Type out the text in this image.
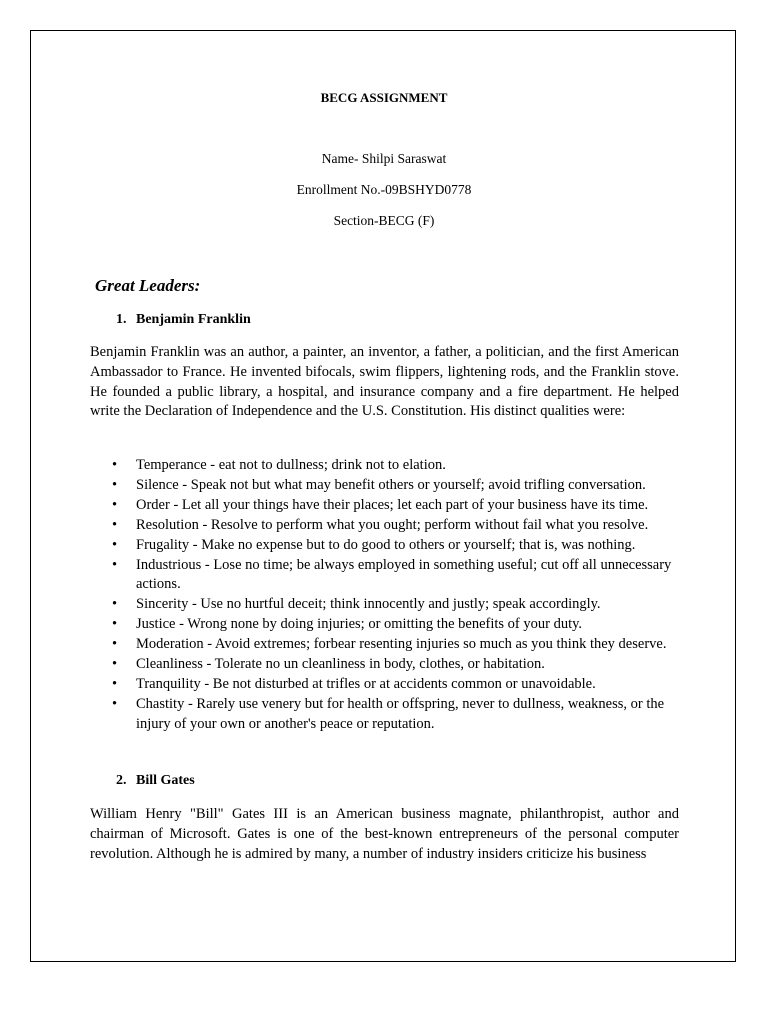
BECG ASSIGNMENT
Name- Shilpi Saraswat
Enrollment No.-09BSHYD0778
Section-BECG (F)
Great Leaders:
1. Benjamin Franklin

Benjamin Franklin was an author, a painter, an inventor, a father, a politician, and the first American Ambassador to France. He invented bifocals, swim flippers, lightening rods, and the Franklin stove. He founded a public library, a hospital, and insurance company and a fire department. He helped write the Declaration of Independence and the U.S. Constitution. His distinct qualities were:

• Temperance - eat not to dullness; drink not to elation.
• Silence - Speak not but what may benefit others or yourself; avoid trifling conversation.
• Order - Let all your things have their places; let each part of your business have its time.
• Resolution - Resolve to perform what you ought; perform without fail what you resolve.
• Frugality - Make no expense but to do good to others or yourself; that is, was nothing.
• Industrious - Lose no time; be always employed in something useful; cut off all unnecessary actions.
• Sincerity - Use no hurtful deceit; think innocently and justly; speak accordingly.
• Justice - Wrong none by doing injuries; or omitting the benefits of your duty.
• Moderation - Avoid extremes; forbear resenting injuries so much as you think they deserve.
• Cleanliness - Tolerate no un cleanliness in body, clothes, or habitation.
• Tranquility - Be not disturbed at trifles or at accidents common or unavoidable.
• Chastity - Rarely use venery but for health or offspring, never to dullness, weakness, or the injury of your own or another's peace or reputation.
2. Bill Gates

William Henry "Bill" Gates III is an American business magnate, philanthropist, author and chairman of Microsoft. Gates is one of the best-known entrepreneurs of the personal computer revolution. Although he is admired by many, a number of industry insiders criticize his business
